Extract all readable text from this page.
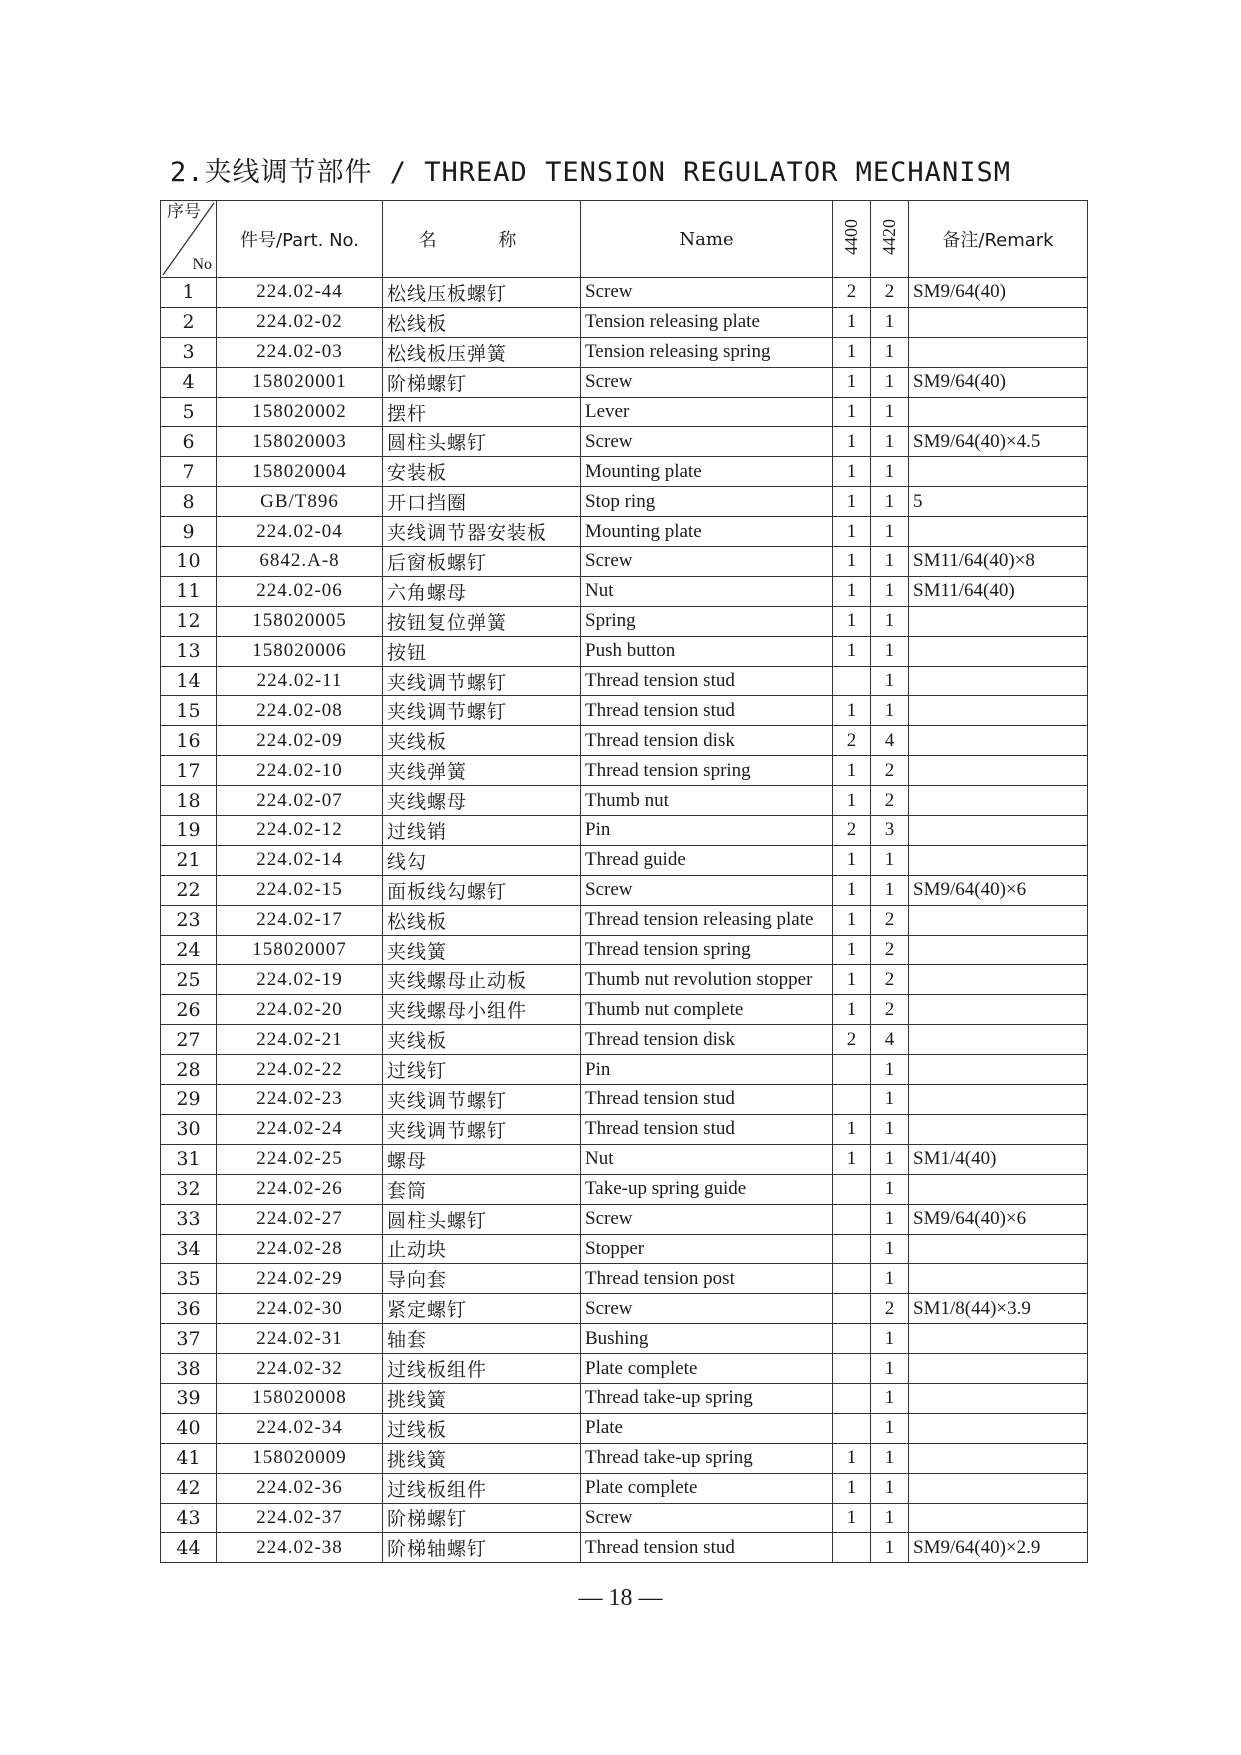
2.夹线调节部件 / THREAD TENSION REGULATOR MECHANISM
序号
No	件号/Part. No.	名 称	Name	4400	4420	备注/Remark
1	224.02-44	松线压板螺钉	Screw	2	2	SM9/64(40)
2	224.02-02	松线板	Tension releasing plate	1	1	
3	224.02-03	松线板压弹簧	Tension releasing spring	1	1	
4	158020001	阶梯螺钉	Screw	1	1	SM9/64(40)
5	158020002	摆杆	Lever	1	1	
6	158020003	圆柱头螺钉	Screw	1	1	SM9/64(40)×4.5
7	158020004	安装板	Mounting plate	1	1	
8	GB/T896	开口挡圈	Stop ring	1	1	5
9	224.02-04	夹线调节器安装板	Mounting plate	1	1	
10	6842.A-8	后窗板螺钉	Screw	1	1	SM11/64(40)×8
11	224.02-06	六角螺母	Nut	1	1	SM11/64(40)
12	158020005	按钮复位弹簧	Spring	1	1	
13	158020006	按钮	Push button	1	1	
14	224.02-11	夹线调节螺钉	Thread tension stud		1	
15	224.02-08	夹线调节螺钉	Thread tension stud	1	1	
16	224.02-09	夹线板	Thread tension disk	2	4	
17	224.02-10	夹线弹簧	Thread tension spring	1	2	
18	224.02-07	夹线螺母	Thumb nut	1	2	
19	224.02-12	过线销	Pin	2	3	
21	224.02-14	线勾	Thread guide	1	1	
22	224.02-15	面板线勾螺钉	Screw	1	1	SM9/64(40)×6
23	224.02-17	松线板	Thread tension releasing plate	1	2	
24	158020007	夹线簧	Thread tension spring	1	2	
25	224.02-19	夹线螺母止动板	Thumb nut revolution stopper	1	2	
26	224.02-20	夹线螺母小组件	Thumb nut complete	1	2	
27	224.02-21	夹线板	Thread tension disk	2	4	
28	224.02-22	过线钉	Pin		1	
29	224.02-23	夹线调节螺钉	Thread tension stud		1	
30	224.02-24	夹线调节螺钉	Thread tension stud	1	1	
31	224.02-25	螺母	Nut	1	1	SM1/4(40)
32	224.02-26	套筒	Take-up spring guide		1	
33	224.02-27	圆柱头螺钉	Screw		1	SM9/64(40)×6
34	224.02-28	止动块	Stopper		1	
35	224.02-29	导向套	Thread tension post		1	
36	224.02-30	紧定螺钉	Screw		2	SM1/8(44)×3.9
37	224.02-31	轴套	Bushing		1	
38	224.02-32	过线板组件	Plate complete		1	
39	158020008	挑线簧	Thread take-up spring		1	
40	224.02-34	过线板	Plate		1	
41	158020009	挑线簧	Thread take-up spring	1	1	
42	224.02-36	过线板组件	Plate complete	1	1	
43	224.02-37	阶梯螺钉	Screw	1	1	
44	224.02-38	阶梯轴螺钉	Thread tension stud		1	SM9/64(40)×2.9
— 18 —
